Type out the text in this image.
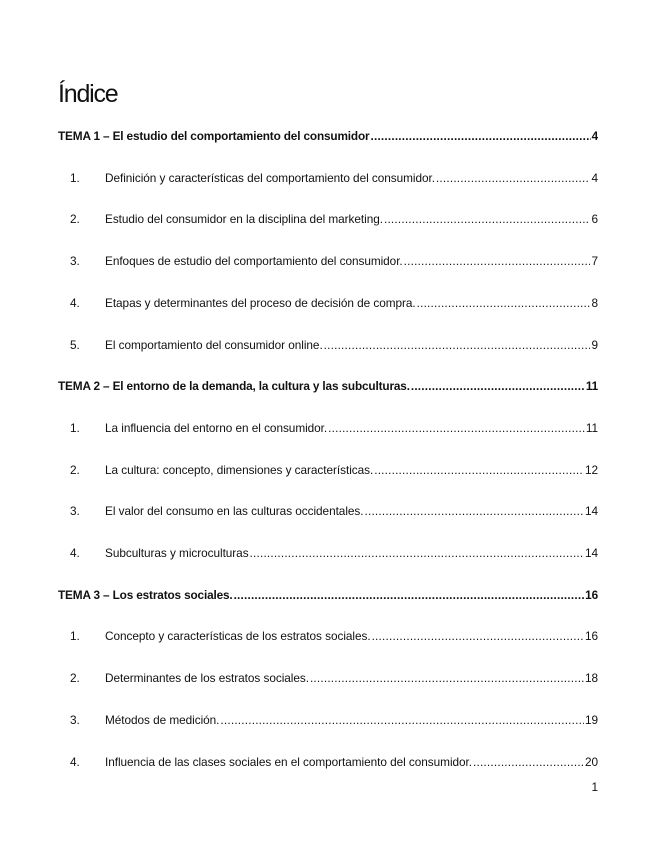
Índice
TEMA 1 – El estudio del comportamiento del consumidor .....	4
1.	Definición y características del comportamiento del consumidor. .....	4
2.	Estudio del consumidor en la disciplina del marketing. .....	6
3.	Enfoques de estudio del comportamiento del consumidor. .....	7
4.	Etapas y determinantes del proceso de decisión de compra. .....	8
5.	El comportamiento del consumidor online. .....	9
TEMA 2 – El entorno de la demanda, la cultura y las subculturas. .....	11
1.	La influencia del entorno en el consumidor. .....	11
2.	La cultura: concepto, dimensiones y características. .....	12
3.	El valor del consumo en las culturas occidentales. .....	14
4.	Subculturas y microculturas .....	14
TEMA 3 – Los estratos sociales. .....	16
1.	Concepto y características de los estratos sociales. .....	16
2.	Determinantes de los estratos sociales. .....	18
3.	Métodos de medición. .....	19
4.	Influencia de las clases sociales en el comportamiento del consumidor. .....	20
1
